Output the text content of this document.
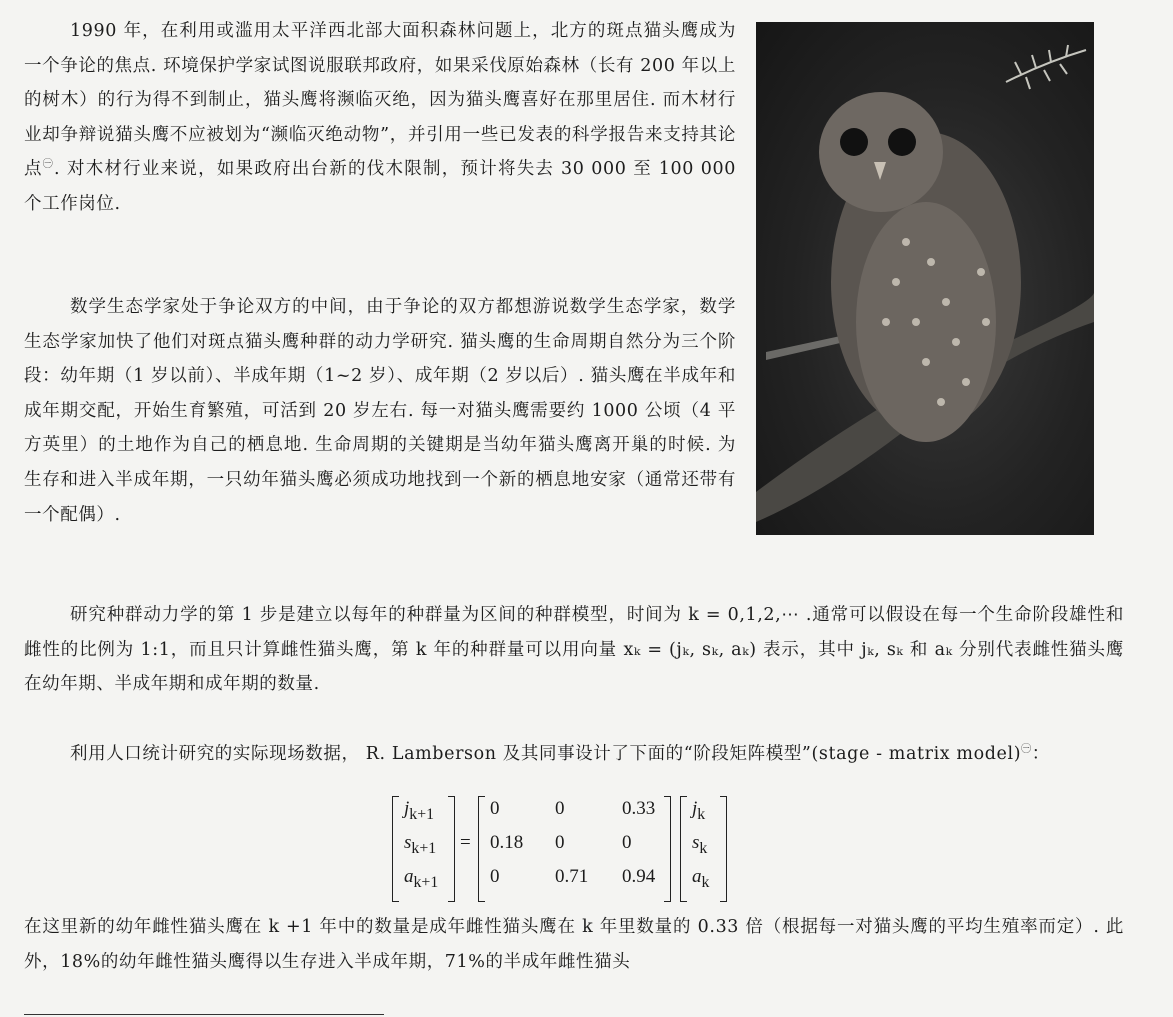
1990 年，在利用或滥用太平洋西北部大面积森林问题上，北方的斑点猫头鹰成为一个争论的焦点. 环境保护学家试图说服联邦政府，如果采伐原始森林（长有 200 年以上的树木）的行为得不到制止，猫头鹰将濒临灭绝，因为猫头鹰喜好在那里居住. 而木材行业却争辩说猫头鹰不应被划为“濒临灭绝动物”，并引用一些已发表的科学报告来支持其论点$^㊀$. 对木材行业来说，如果政府出台新的伐木限制，预计将失去 30 000 至 100 000 个工作岗位.

数学生态学家处于争论双方的中间，由于争论的双方都想游说数学生态学家，数学生态学家加快了他们对斑点猫头鹰种群的动力学研究. 猫头鹰的生命周期自然分为三个阶段：幼年期（1 岁以前）、半成年期（1~2 岁）、成年期（2 岁以后）. 猫头鹰在半成年和成年期交配，开始生育繁殖，可活到 20 岁左右. 每一对猫头鹰需要约 1000 公顷（4 平方英里）的土地作为自己的栖息地. 生命周期的关键期是当幼年猫头鹰离开巢的时候. 为生存和进入半成年期，一只幼年猫头鹰必须成功地找到一个新的栖息地安家（通常还带有一个配偶）.

研究种群动力学的第 1 步是建立以每年的种群量为区间的种群模型，时间为 k = 0,1,2,⋯ .通常可以假设在每一个生命阶段雄性和雌性的比例为 1:1，而且只计算雌性猫头鹰，第 k 年的种群量可以用向量 xₖ = (jₖ, sₖ, aₖ) 表示，其中 jₖ, sₖ 和 aₖ 分别代表雌性猫头鹰在幼年期、半成年期和成年期的数量.

利用人口统计研究的实际现场数据， R. Lamberson 及其同事设计了下面的“阶段矩阵模型”(stage - matrix model)$^㊀$：

$j_{k+1}$
$s_{k+1}$
$a_{k+1}$
=
0	0	0.33
0.18 0	0
0	0.71 0.94
$j_k$
$s_k$
$a_k$

在这里新的幼年雌性猫头鹰在 k +1 年中的数量是成年雌性猫头鹰在 k 年里数量的 0.33 倍（根据每一对猫头鹰的平均生殖率而定）. 此外，18%的幼年雌性猫头鹰得以生存进入半成年期，71%的半成年雌性猫头
